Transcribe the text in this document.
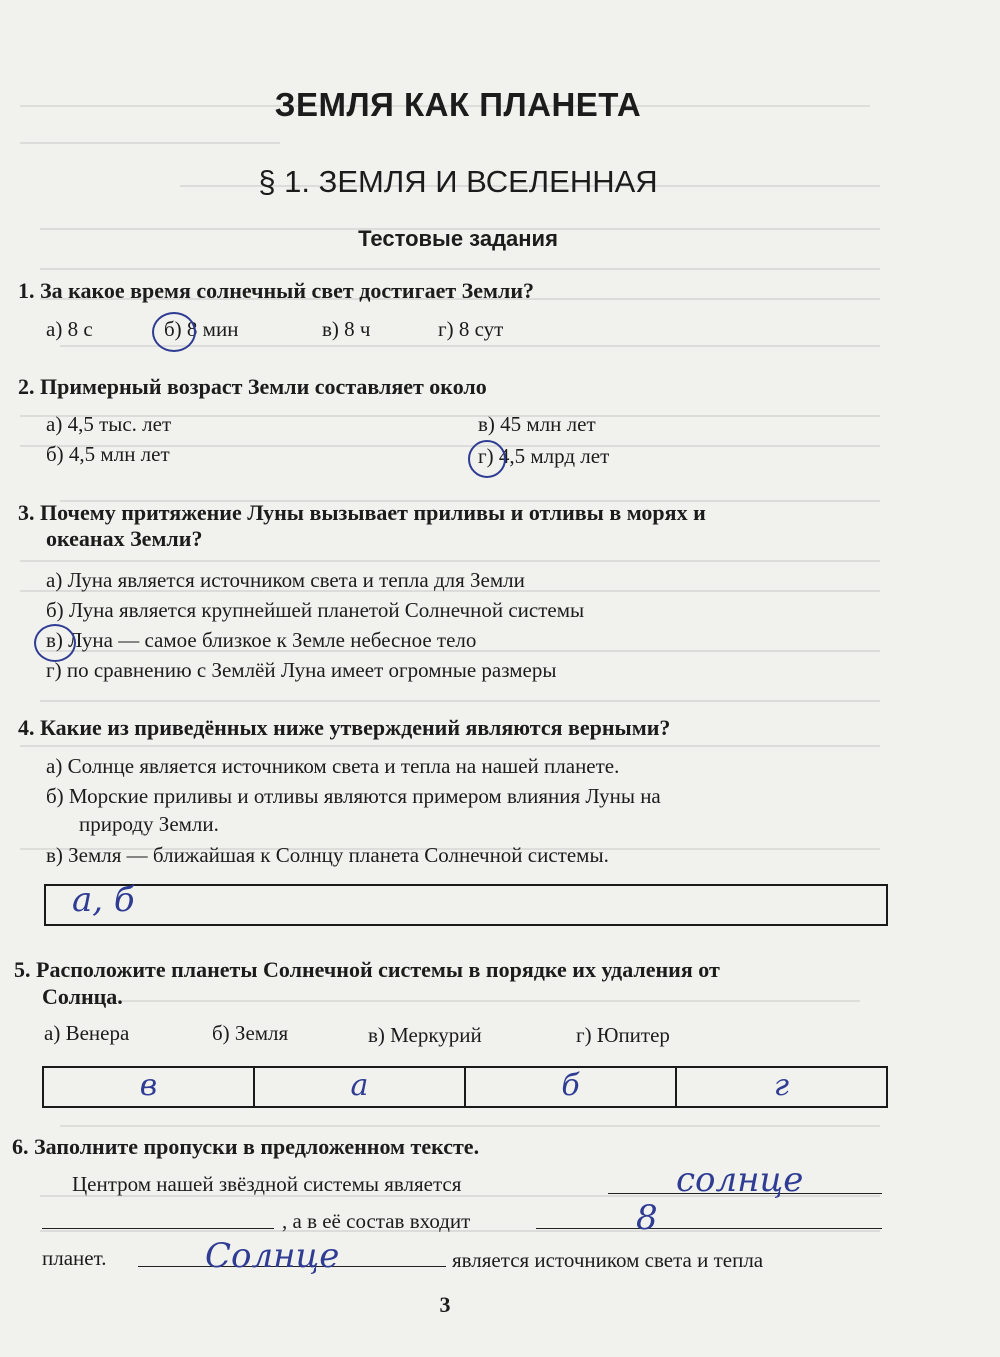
ЗЕМЛЯ КАК ПЛАНЕТА
§ 1. ЗЕМЛЯ И ВСЕЛЕННАЯ
Тестовые задания
1. За какое время солнечный свет достигает Земли?
а) 8 с	б) 8 мин	в) 8 ч	г) 8 сут
2. Примерный возраст Земли составляет около
а) 4,5 тыс. лет	в) 45 млн лет
б) 4,5 млн лет	г) 4,5 млрд лет
3. Почему притяжение Луны вызывает приливы и отливы в морях и
океанах Земли?
а) Луна является источником света и тепла для Земли
б) Луна является крупнейшей планетой Солнечной системы
в) Луна — самое близкое к Земле небесное тело
г) по сравнению с Землёй Луна имеет огромные размеры
4. Какие из приведённых ниже утверждений являются верными?
а) Солнце является источником света и тепла на нашей планете.
б) Морские приливы и отливы являются примером влияния Луны на
природу Земли.
в) Земля — ближайшая к Солнцу планета Солнечной системы.
а, б
5. Расположите планеты Солнечной системы в порядке их удаления от
Солнца.
а) Венера	б) Земля	в) Меркурий	г) Юпитер
в	а	б	г
6. Заполните пропуски в предложенном тексте.
Центром нашей звёздной системы является	солнце
, а в её состав входит	8
планет.	Солнце	является источником света и тепла
3
